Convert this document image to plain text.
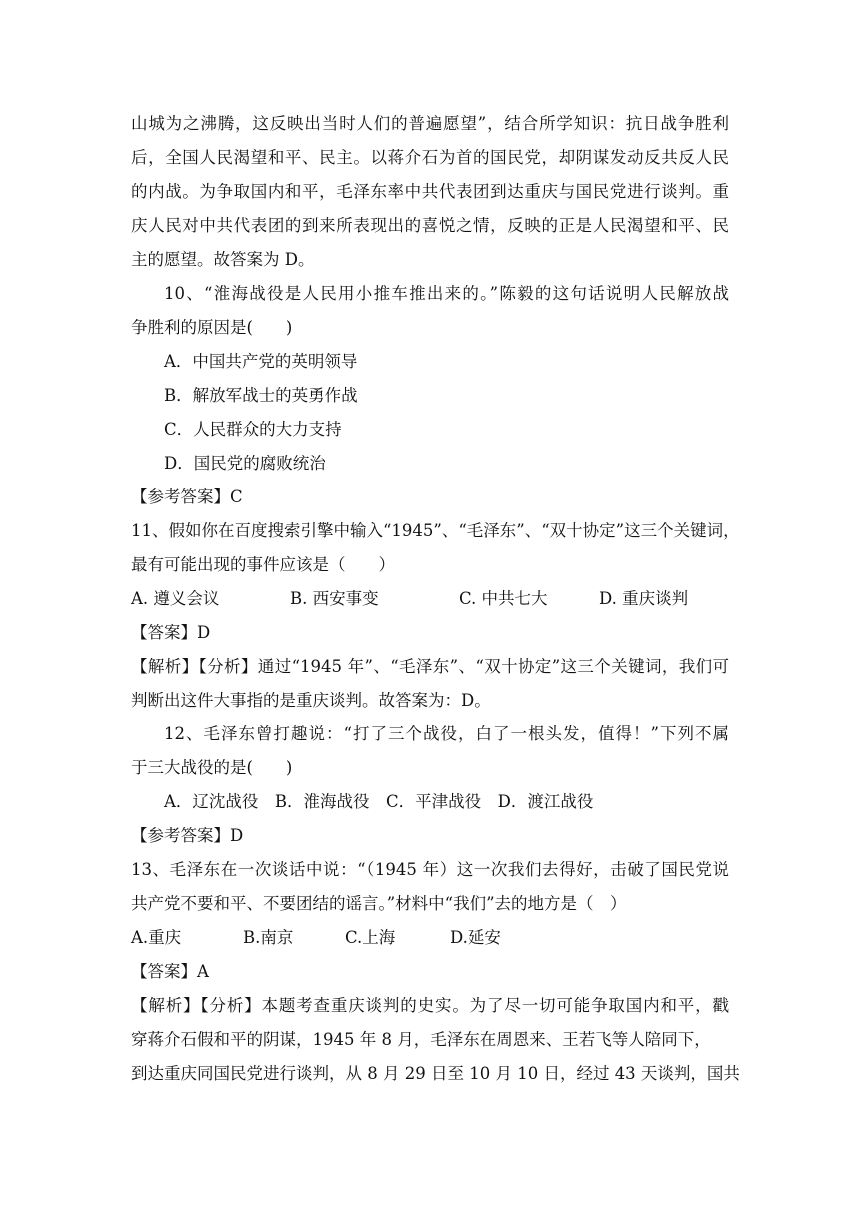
山城为之沸腾，这反映出当时人们的普遍愿望”，结合所学知识：抗日战争胜利
后，全国人民渴望和平、民主。以蒋介石为首的国民党，却阴谋发动反共反人民
的内战。为争取国内和平，毛泽东率中共代表团到达重庆与国民党进行谈判。重
庆人民对中共代表团的到来所表现出的喜悦之情，反映的正是人民渴望和平、民
主的愿望。故答案为 D。
10、“淮海战役是人民用小推车推出来的。”陈毅的这句话说明人民解放战
争胜利的原因是(　　)
A．中国共产党的英明领导
B．解放军战士的英勇作战
C．人民群众的大力支持
D．国民党的腐败统治
【参考答案】C
11、假如你在百度搜索引擎中输入“1945”、“毛泽东”、“双十协定”这三个关键词，
最有可能出现的事件应该是（　　）
A. 遵义会议	B. 西安事变	C. 中共七大	D. 重庆谈判
【答案】D
【解析】【分析】通过“1945 年”、“毛泽东”、“双十协定”这三个关键词，我们可
判断出这件大事指的是重庆谈判。故答案为：D。
12、毛泽东曾打趣说：“打了三个战役，白了一根头发，值得！”下列不属
于三大战役的是(　　)
A．辽沈战役　B．淮海战役　C．平津战役　D．渡江战役
【参考答案】D
13、毛泽东在一次谈话中说：“（1945 年）这一次我们去得好，击破了国民党说
共产党不要和平、不要团结的谣言。”材料中“我们”去的地方是（　）
A.重庆	B.南京	C.上海	D.延安
【答案】A
【解析】【分析】本题考查重庆谈判的史实。为了尽一切可能争取国内和平，戳
穿蒋介石假和平的阴谋，1945 年 8 月，毛泽东在周恩来、王若飞等人陪同下，
到达重庆同国民党进行谈判，从 8 月 29 日至 10 月 10 日，经过 43 天谈判，国共
